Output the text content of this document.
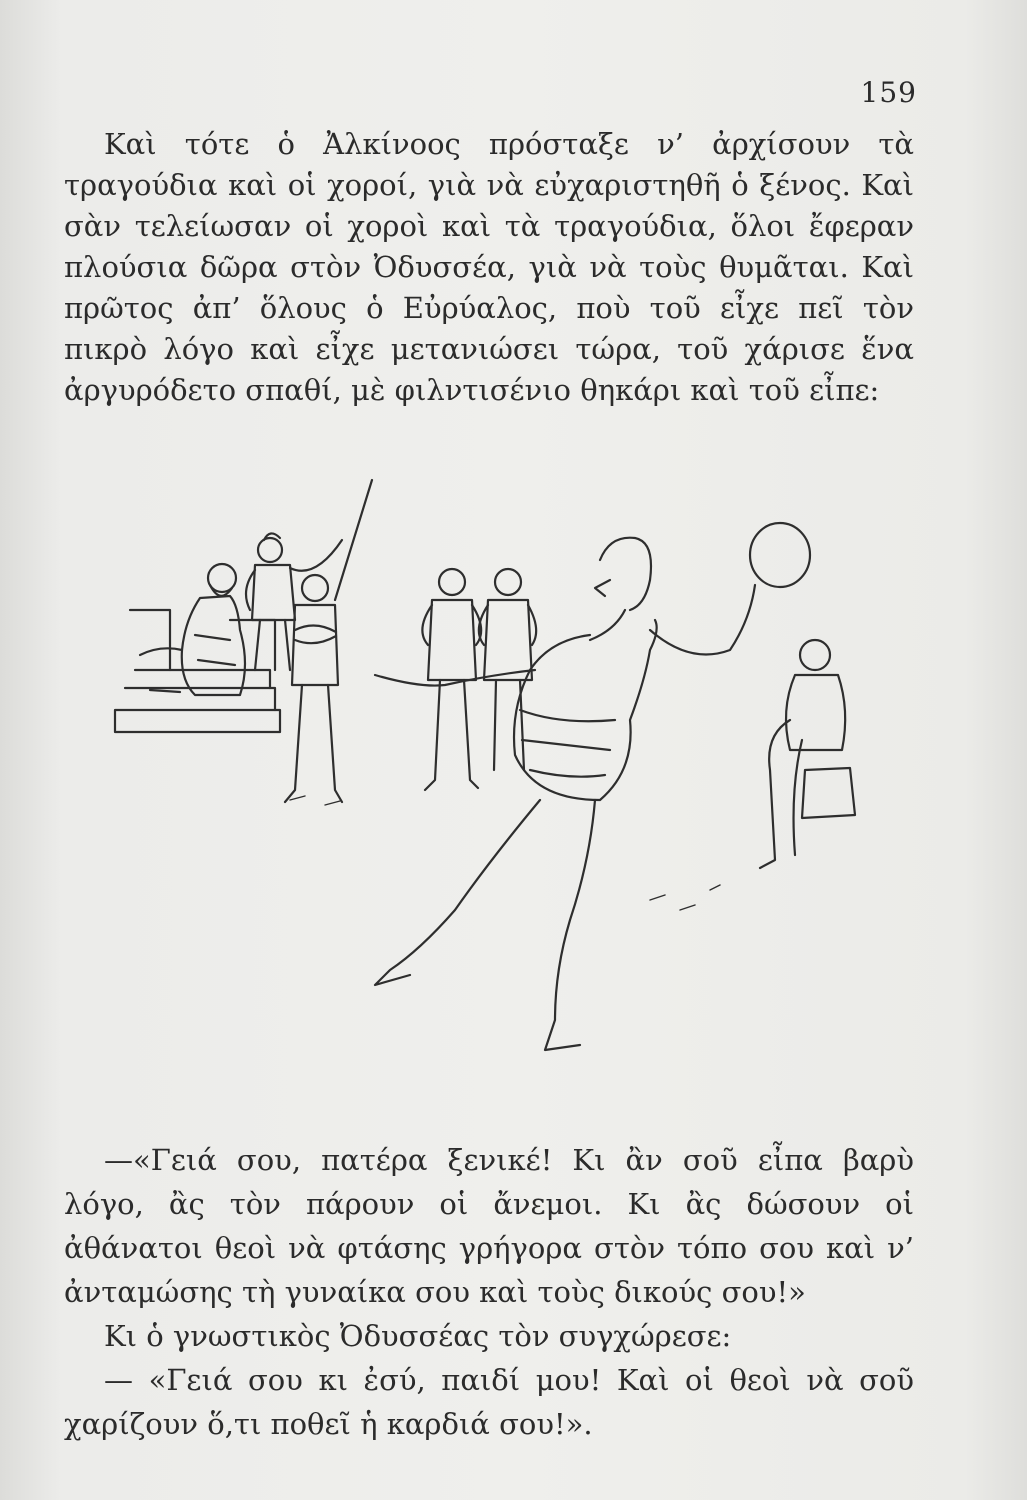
159

Καὶ τότε ὁ Ἀλκίνοος πρόσταξε ν’ ἀρχίσουν τὰ τραγούδια καὶ οἱ χοροί, γιὰ νὰ εὐχαριστηθῆ ὁ ξένος. Καὶ σὰν τελείωσαν οἱ χοροὶ καὶ τὰ τραγούδια, ὅλοι ἔφεραν πλούσια δῶρα στὸν Ὀδυσσέα, γιὰ νὰ τοὺς θυμᾶται. Καὶ πρῶτος ἀπ’ ὅλους ὁ Εὐρύαλος, ποὺ τοῦ εἶχε πεῖ τὸν πικρὸ λόγο καὶ εἶχε μετανιώσει τώρα, τοῦ χάρισε ἕνα ἀργυρόδετο σπαθί, μὲ φιλντισένιο θηκάρι καὶ τοῦ εἶπε:

—«Γειά σου, πατέρα ξενικέ! Κι ἂν σοῦ εἶπα βαρὺ λόγο, ἂς τὸν πάρουν οἱ ἄνεμοι. Κι ἂς δώσουν οἱ ἀθάνατοι θεοὶ νὰ φτάσης γρήγορα στὸν τόπο σου καὶ ν’ ἀνταμώσης τὴ γυναίκα σου καὶ τοὺς δικούς σου!»

Κι ὁ γνωστικὸς Ὀδυσσέας τὸν συγχώρεσε:

— «Γειά σου κι ἐσύ, παιδί μου! Καὶ οἱ θεοὶ νὰ σοῦ χαρίζουν ὅ,τι ποθεῖ ἡ καρδιά σου!».
